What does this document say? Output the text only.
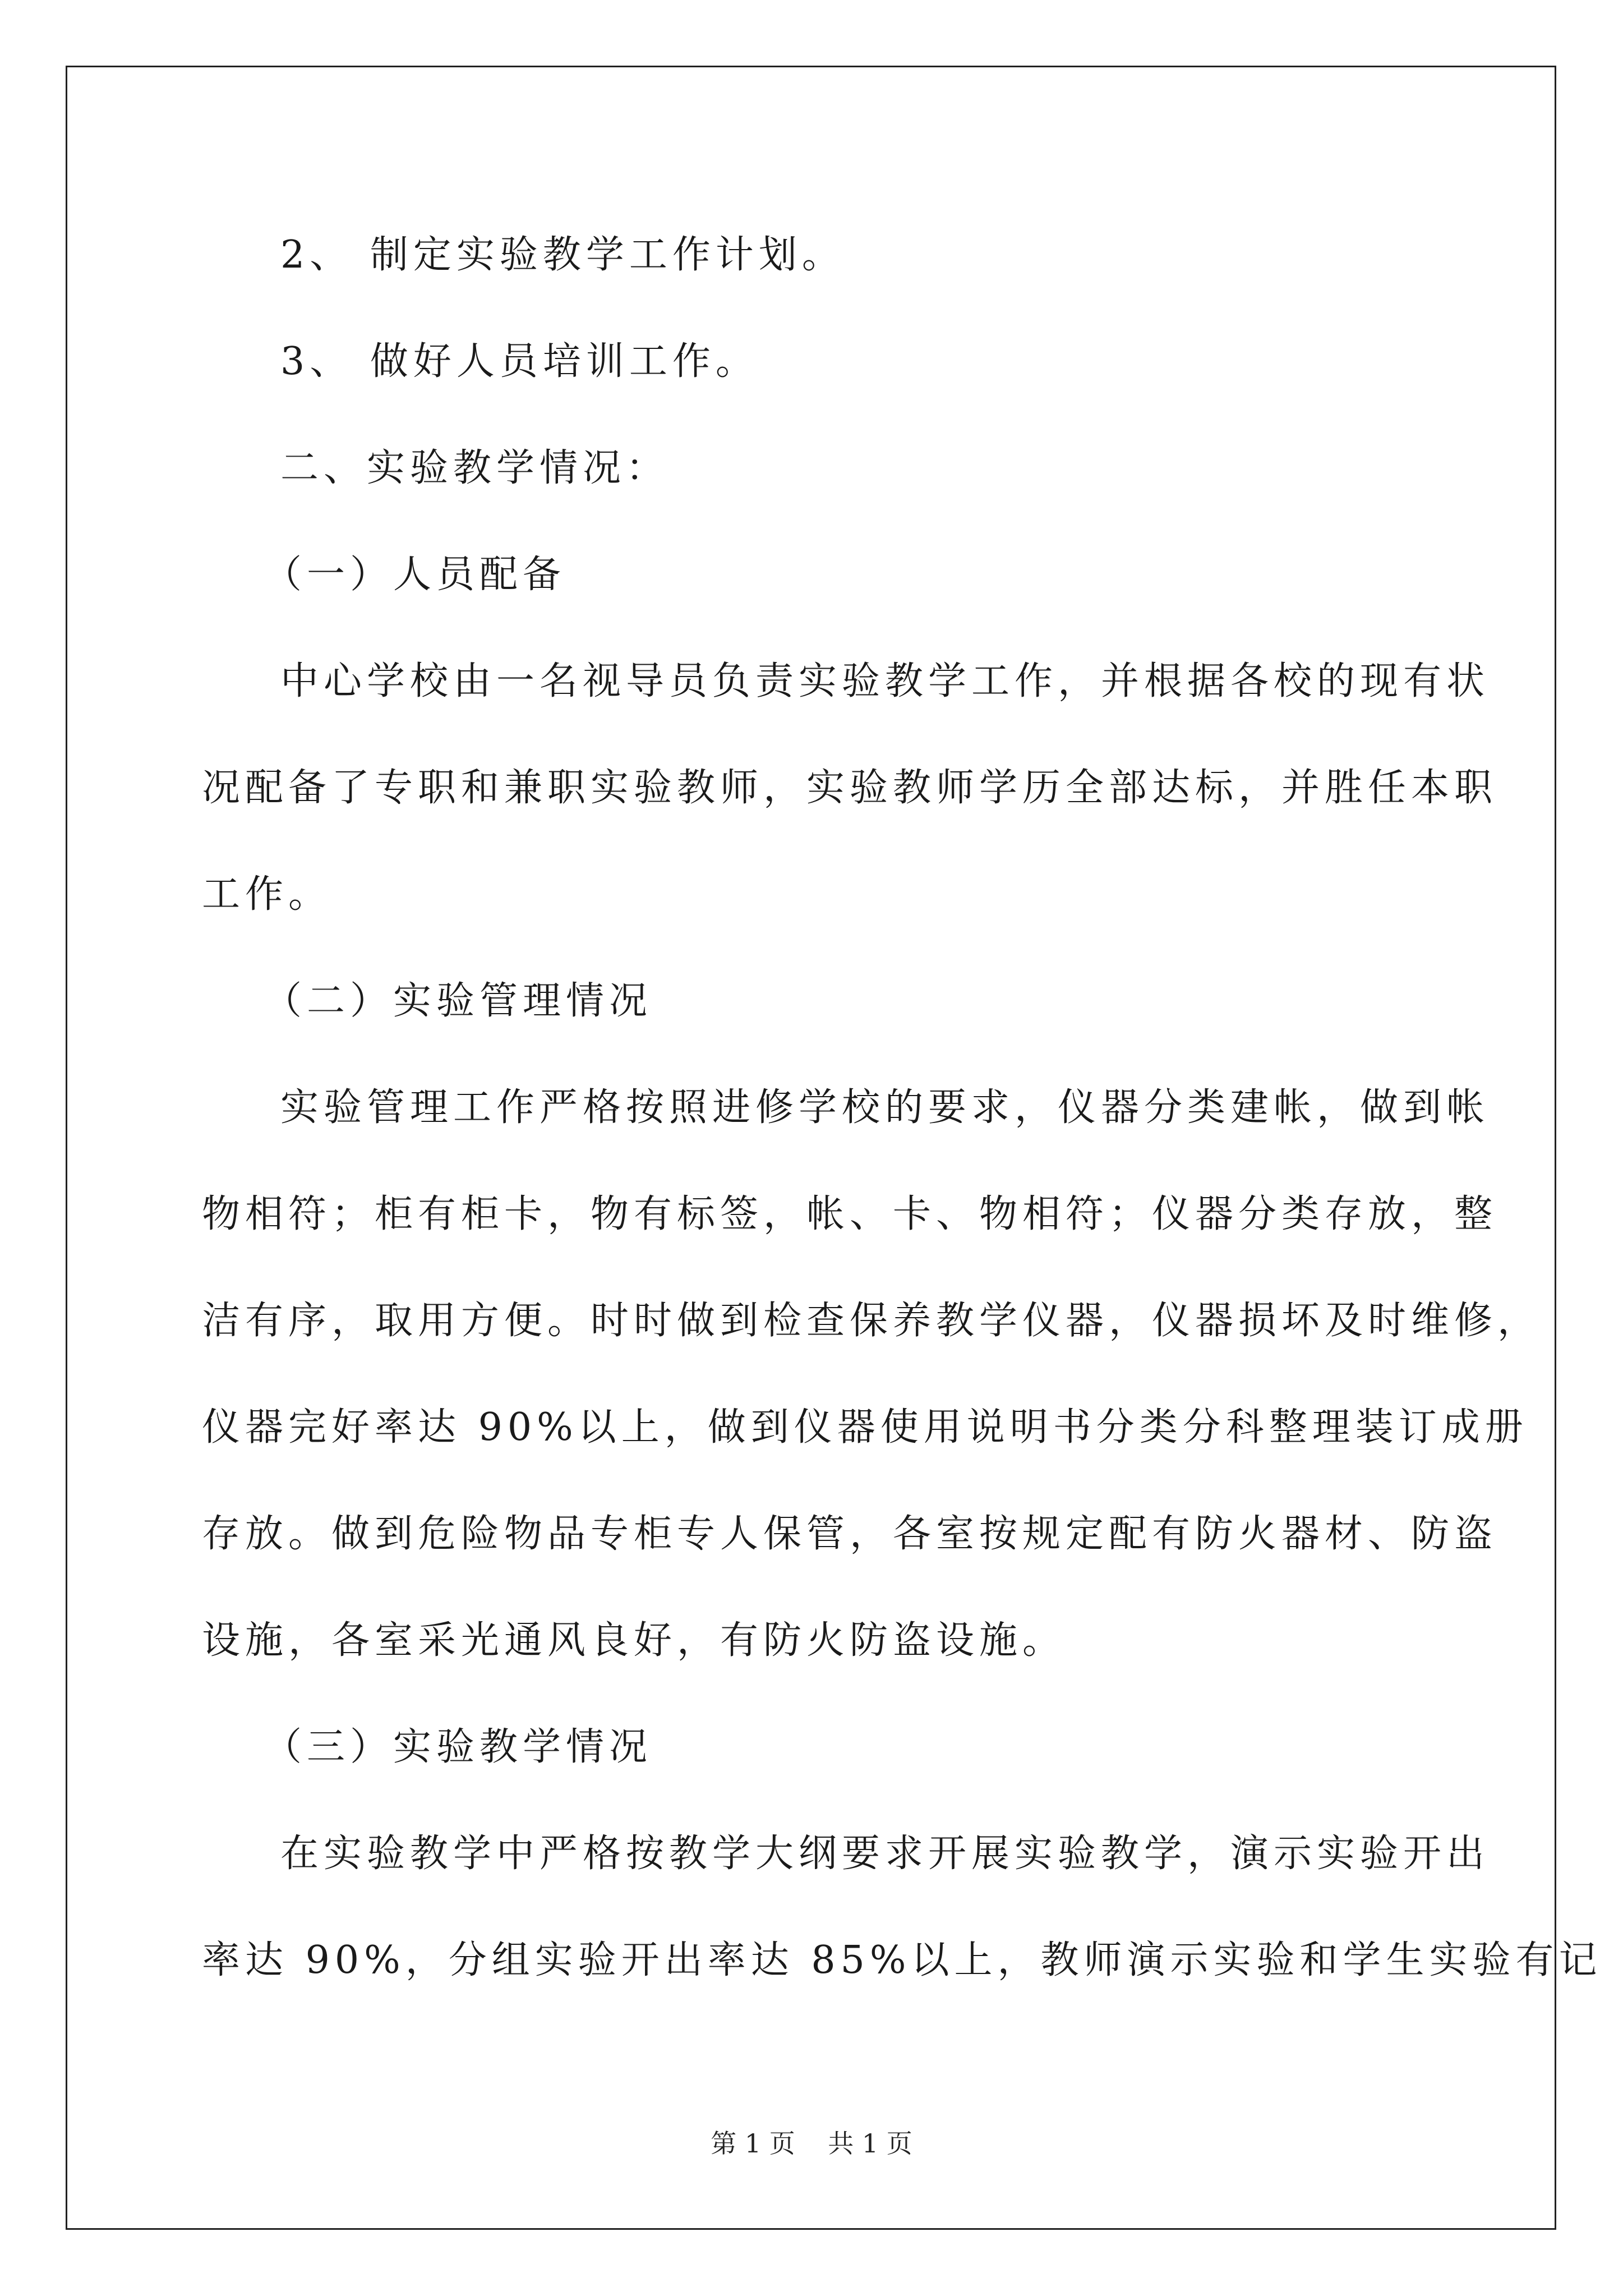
2、 制定实验教学工作计划。
3、 做好人员培训工作。
二、实验教学情况：
（一）人员配备
中心学校由一名视导员负责实验教学工作，并根据各校的现有状
况配备了专职和兼职实验教师，实验教师学历全部达标，并胜任本职
工作。
（二）实验管理情况
实验管理工作严格按照进修学校的要求，仪器分类建帐，做到帐
物相符；柜有柜卡，物有标签，帐、卡、物相符；仪器分类存放，整
洁有序，取用方便。时时做到检查保养教学仪器，仪器损坏及时维修，
仪器完好率达 90%以上，做到仪器使用说明书分类分科整理装订成册
存放。做到危险物品专柜专人保管，各室按规定配有防火器材、防盗
设施，各室采光通风良好，有防火防盗设施。
（三）实验教学情况
在实验教学中严格按教学大纲要求开展实验教学，演示实验开出
率达 90%，分组实验开出率达 85%以上，教师演示实验和学生实验有记
第 1 页    共 1 页
